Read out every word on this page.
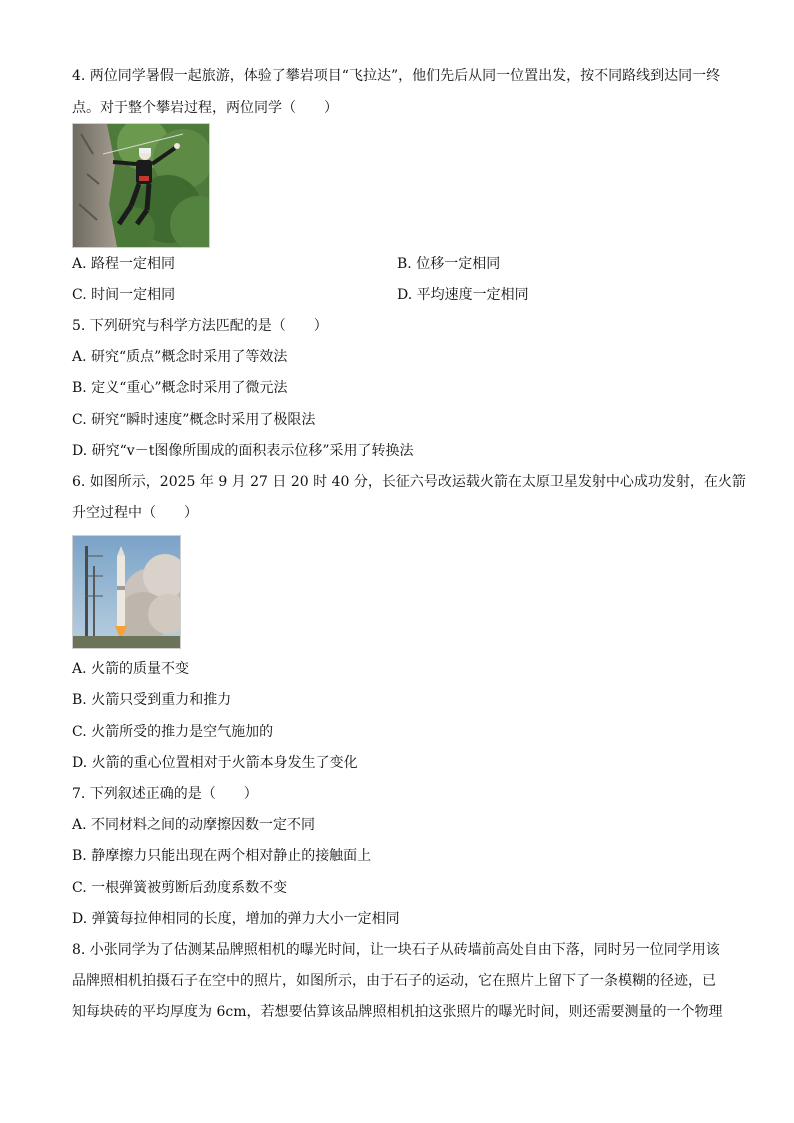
4. 两位同学暑假一起旅游，体验了攀岩项目“飞拉达”，他们先后从同一位置出发，按不同路线到达同一终
点。对于整个攀岩过程，两位同学（　　）
A. 路程一定相同	B. 位移一定相同
C. 时间一定相同	D. 平均速度一定相同
5. 下列研究与科学方法匹配的是（　　）
A. 研究“质点”概念时采用了等效法
B. 定义“重心”概念时采用了微元法
C. 研究“瞬时速度”概念时采用了极限法
D. 研究“v－t图像所围成的面积表示位移”采用了转换法
6. 如图所示，2025 年 9 月 27 日 20 时 40 分，长征六号改运载火箭在太原卫星发射中心成功发射，在火箭
升空过程中（　　）
A. 火箭的质量不变
B. 火箭只受到重力和推力
C. 火箭所受的推力是空气施加的
D. 火箭的重心位置相对于火箭本身发生了变化
7. 下列叙述正确的是（　　）
A. 不同材料之间的动摩擦因数一定不同
B. 静摩擦力只能出现在两个相对静止的接触面上
C. 一根弹簧被剪断后劲度系数不变
D. 弹簧每拉伸相同的长度，增加的弹力大小一定相同
8. 小张同学为了估测某品牌照相机的曝光时间，让一块石子从砖墙前高处自由下落，同时另一位同学用该
品牌照相机拍摄石子在空中的照片，如图所示，由于石子的运动，它在照片上留下了一条模糊的径迹，已
知每块砖的平均厚度为 6cm，若想要估算该品牌照相机拍这张照片的曝光时间，则还需要测量的一个物理
